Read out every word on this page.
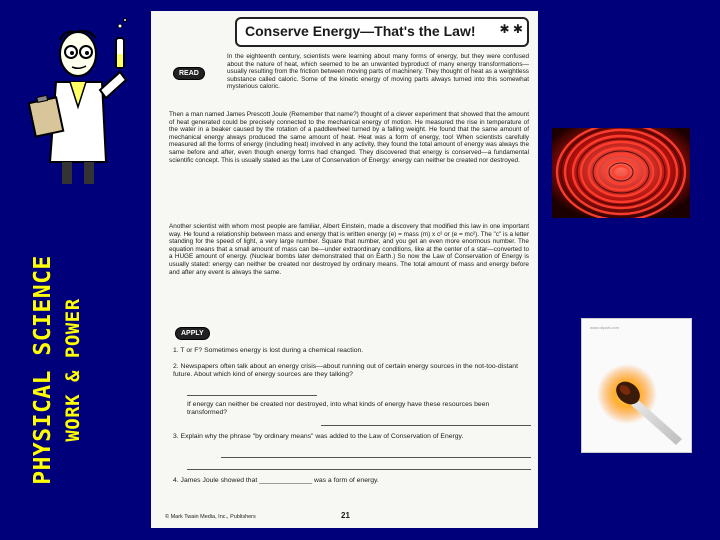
PHYSICAL SCIENCE WORK & POWER
Conserve Energy—That's the Law! ✱ ✱
READ

In the eighteenth century, scientists were learning about many forms of energy, but they were confused about the nature of heat, which seemed to be an unwanted byproduct of many energy transformations—usually resulting from the friction between moving parts of machinery. They thought of heat as a weightless substance called caloric. Some of the kinetic energy of moving parts always turned into this somewhat mysterious caloric.

Then a man named James Prescott Joule (Remember that name?) thought of a clever experiment that showed that the amount of heat generated could be precisely connected to the mechanical energy of motion. He measured the rise in temperature of the water in a beaker caused by the rotation of a paddlewheel turned by a falling weight. He found that the same amount of mechanical energy always produced the same amount of heat. Heat was a form of energy, too! When scientists carefully measured all the forms of energy (including heat) involved in any activity, they found the total amount of energy was always the same before and after, even though energy forms had changed. They discovered that energy is conserved—a fundamental scientific concept. This is usually stated as the Law of Conservation of Energy: energy can neither be created nor destroyed.

Another scientist with whom most people are familiar, Albert Einstein, made a discovery that modified this law in one important way. He found a relationship between mass and energy that is written energy (e) = mass (m) x c² or (e = mc²). The "c" is a letter standing for the speed of light, a very large number. Square that number, and you get an even more enormous number. The equation means that a small amount of mass can be—under extraordinary conditions, like at the center of a star—converted to a HUGE amount of energy. (Nuclear bombs later demonstrated that on Earth.) So now the Law of Conservation of Energy is usually stated: energy can neither be created nor destroyed by ordinary means. The total amount of mass and energy before and after any event is always the same.

APPLY
1. T or F? Sometimes energy is lost during a chemical reaction.
2. Newspapers often talk about an energy crisis—about running out of certain energy sources in the not-too-distant future. About which kind of energy sources are they talking?
If energy can neither be created nor destroyed, into what kinds of energy have these resources been transformed?
3. Explain why the phrase "by ordinary means" was added to the Law of Conservation of Energy.
4. James Joule showed that ______________ was a form of energy.
© Mark Twain Media, Inc., Publishers	21
www.clipart.com
